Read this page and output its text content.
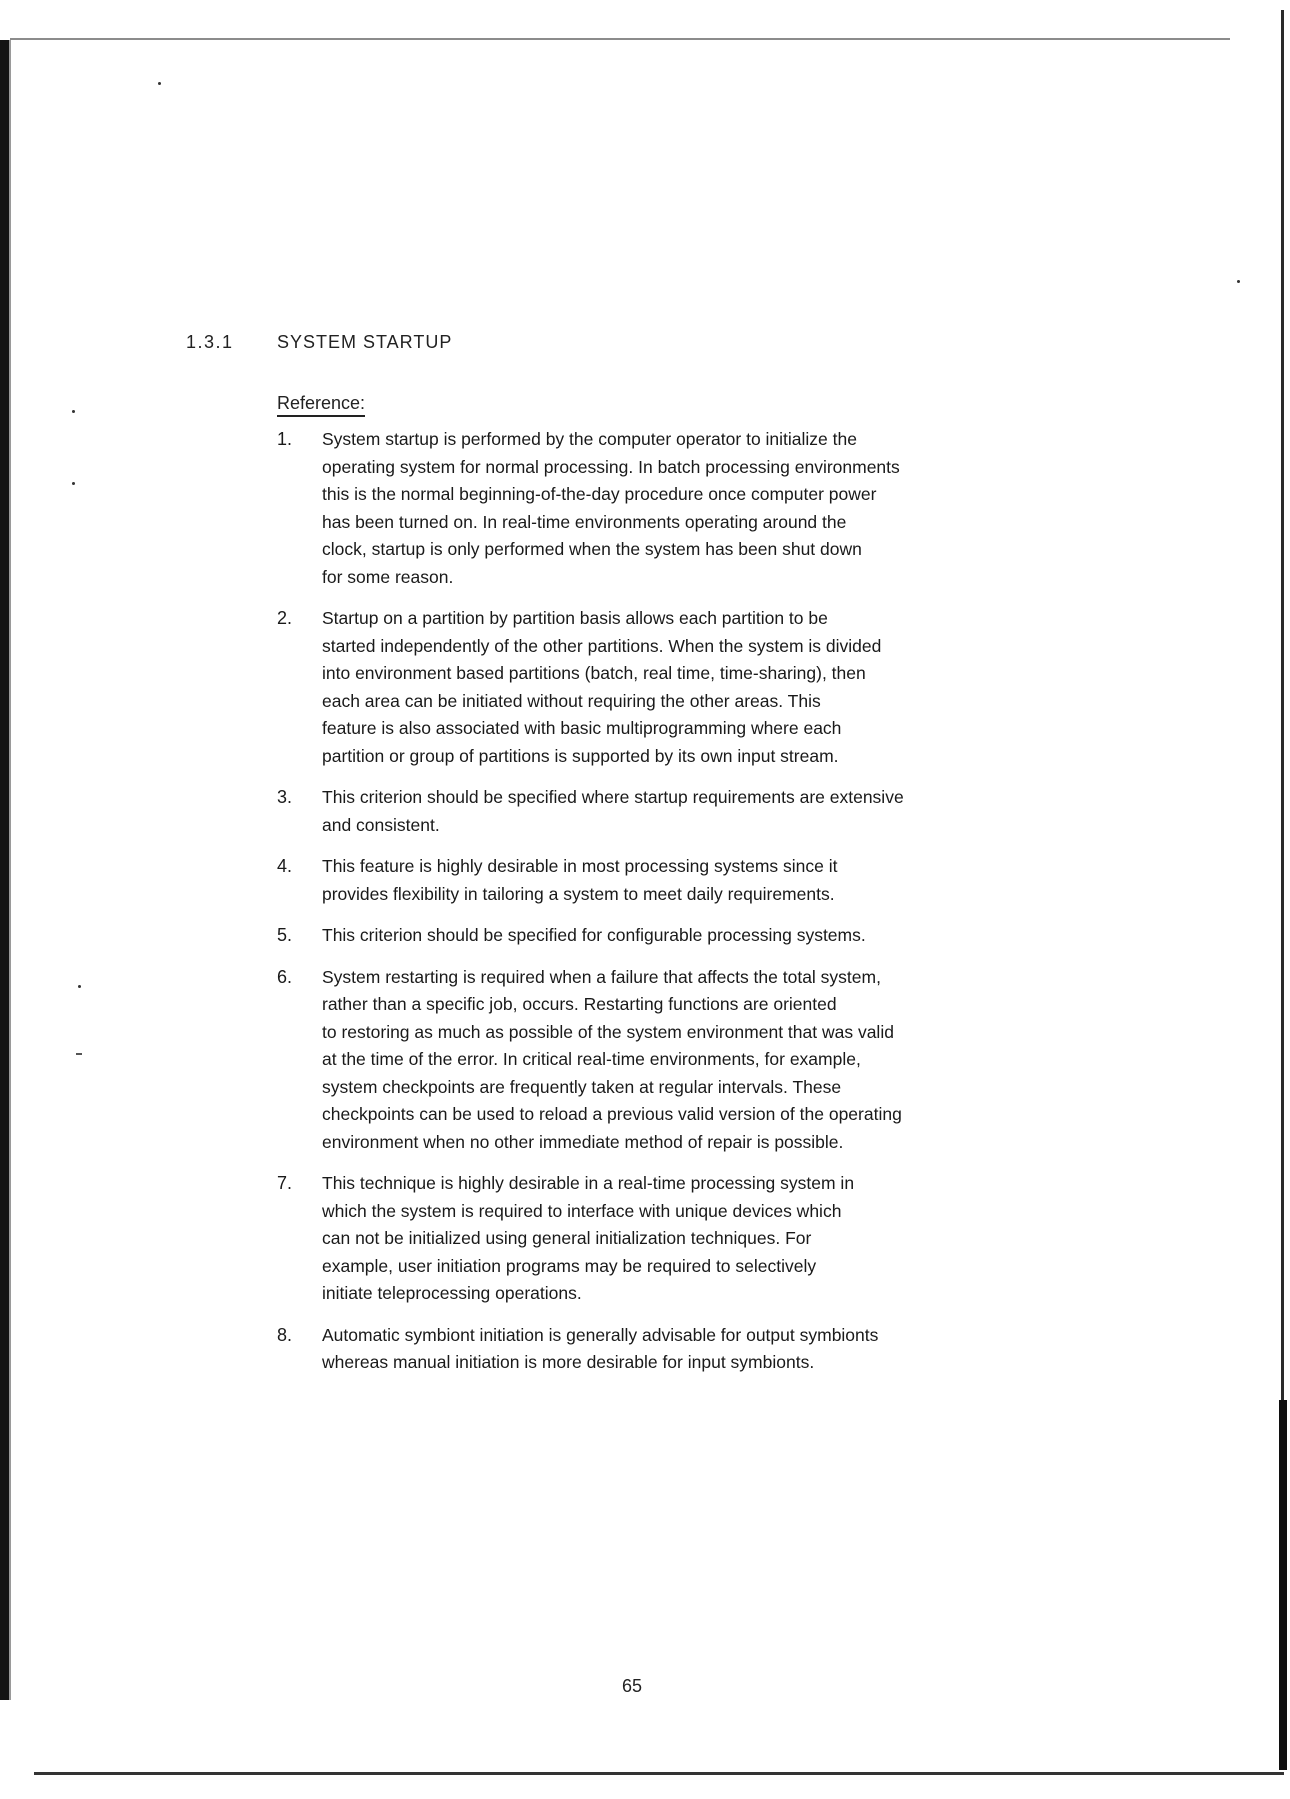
1.3.1 SYSTEM STARTUP
Reference:
1. System startup is performed by the computer operator to initialize the
operating system for normal processing. In batch processing environments
this is the normal beginning-of-the-day procedure once computer power
has been turned on. In real-time environments operating around the
clock, startup is only performed when the system has been shut down
for some reason.
2. Startup on a partition by partition basis allows each partition to be
started independently of the other partitions. When the system is divided
into environment based partitions (batch, real time, time-sharing), then
each area can be initiated without requiring the other areas. This
feature is also associated with basic multiprogramming where each
partition or group of partitions is supported by its own input stream.
3. This criterion should be specified where startup requirements are extensive
and consistent.
4. This feature is highly desirable in most processing systems since it
provides flexibility in tailoring a system to meet daily requirements.
5. This criterion should be specified for configurable processing systems.
6. System restarting is required when a failure that affects the total system,
rather than a specific job, occurs. Restarting functions are oriented
to restoring as much as possible of the system environment that was valid
at the time of the error. In critical real-time environments, for example,
system checkpoints are frequently taken at regular intervals. These
checkpoints can be used to reload a previous valid version of the operating
environment when no other immediate method of repair is possible.
7. This technique is highly desirable in a real-time processing system in
which the system is required to interface with unique devices which
can not be initialized using general initialization techniques. For
example, user initiation programs may be required to selectively
initiate teleprocessing operations.
8. Automatic symbiont initiation is generally advisable for output symbionts
whereas manual initiation is more desirable for input symbionts.
65
